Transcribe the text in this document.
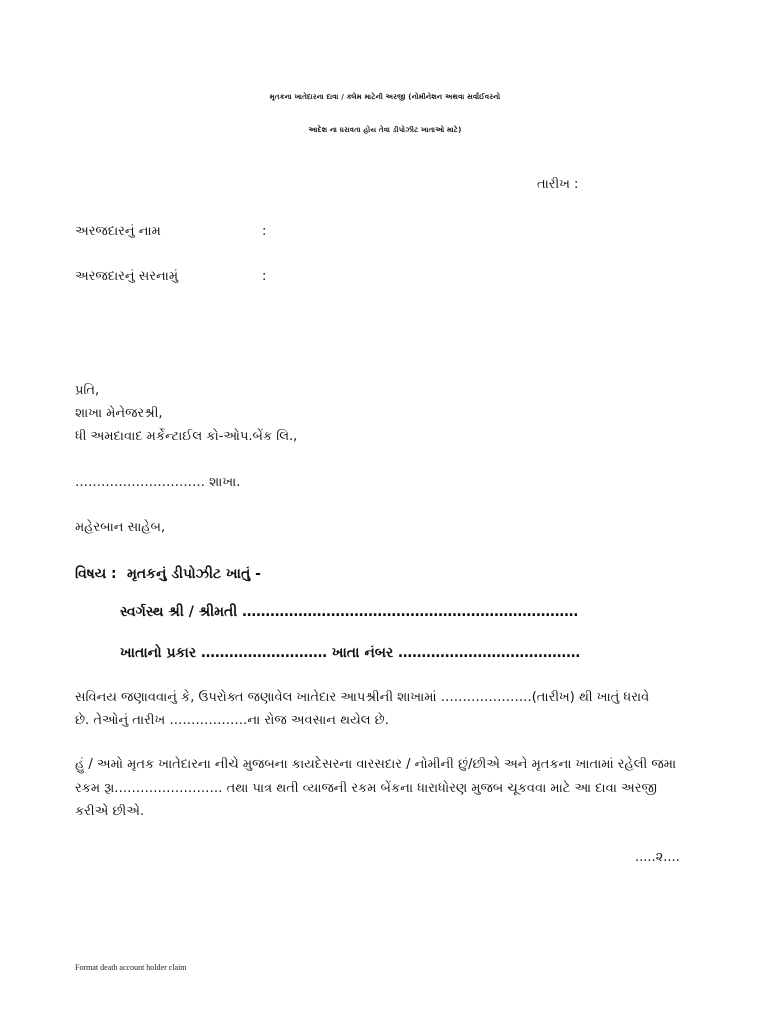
મૃતકના ખાતેદારના દાવા / ક્લેમ માટેની અરજી (નોમીનેશન અથવા સર્વાઈવરનો
આદેશ ના ધરાવતા હોય તેવા ડીપોઝીટ ખાતાઓ માટે)
તારીખ :
અરજદારનું નામ	:
અરજદારનું સરનામું	:
પ્રતિ,
શાખા મેનેજરશ્રી,
ધી અમદાવાદ મર્કેન્ટાઈલ કો-ઓપ.બેંક લિ.,
………………………… શાખા.
મહેરબાન સાહેબ,
વિષય : મૃતકનું ડીપોઝીટ ખાતું -
સ્વર્ગસ્થ શ્રી / શ્રીમતી ………………………………………………………………
ખાતાનો પ્રકાર ……………………… ખાતા નંબર …………………………………
સવિનય જણાવવાનું કે, ઉપરોક્ત જણાવેલ ખાતેદાર આપશ્રીની શાખામાં …………………(તારીખ) થી ખાતું ધરાવે
છે. તેઓનું તારીખ ………………ના રોજ અવસાન થયેલ છે.
હું / અમો મૃતક ખાતેદારના નીચે મુજબના કાયદેસરના વારસદાર / નોમીની છું/છીએ અને મૃતકના ખાતામાં રહેલી જમા
રકમ રૂા.…………………… તથા પાત્ર થતી વ્યાજની રકમ બેંકના ધારાધોરણ મુજબ ચૂકવવા માટે આ દાવા અરજી
કરીએ છીએ.
.....૨....
Format death account holder claim
